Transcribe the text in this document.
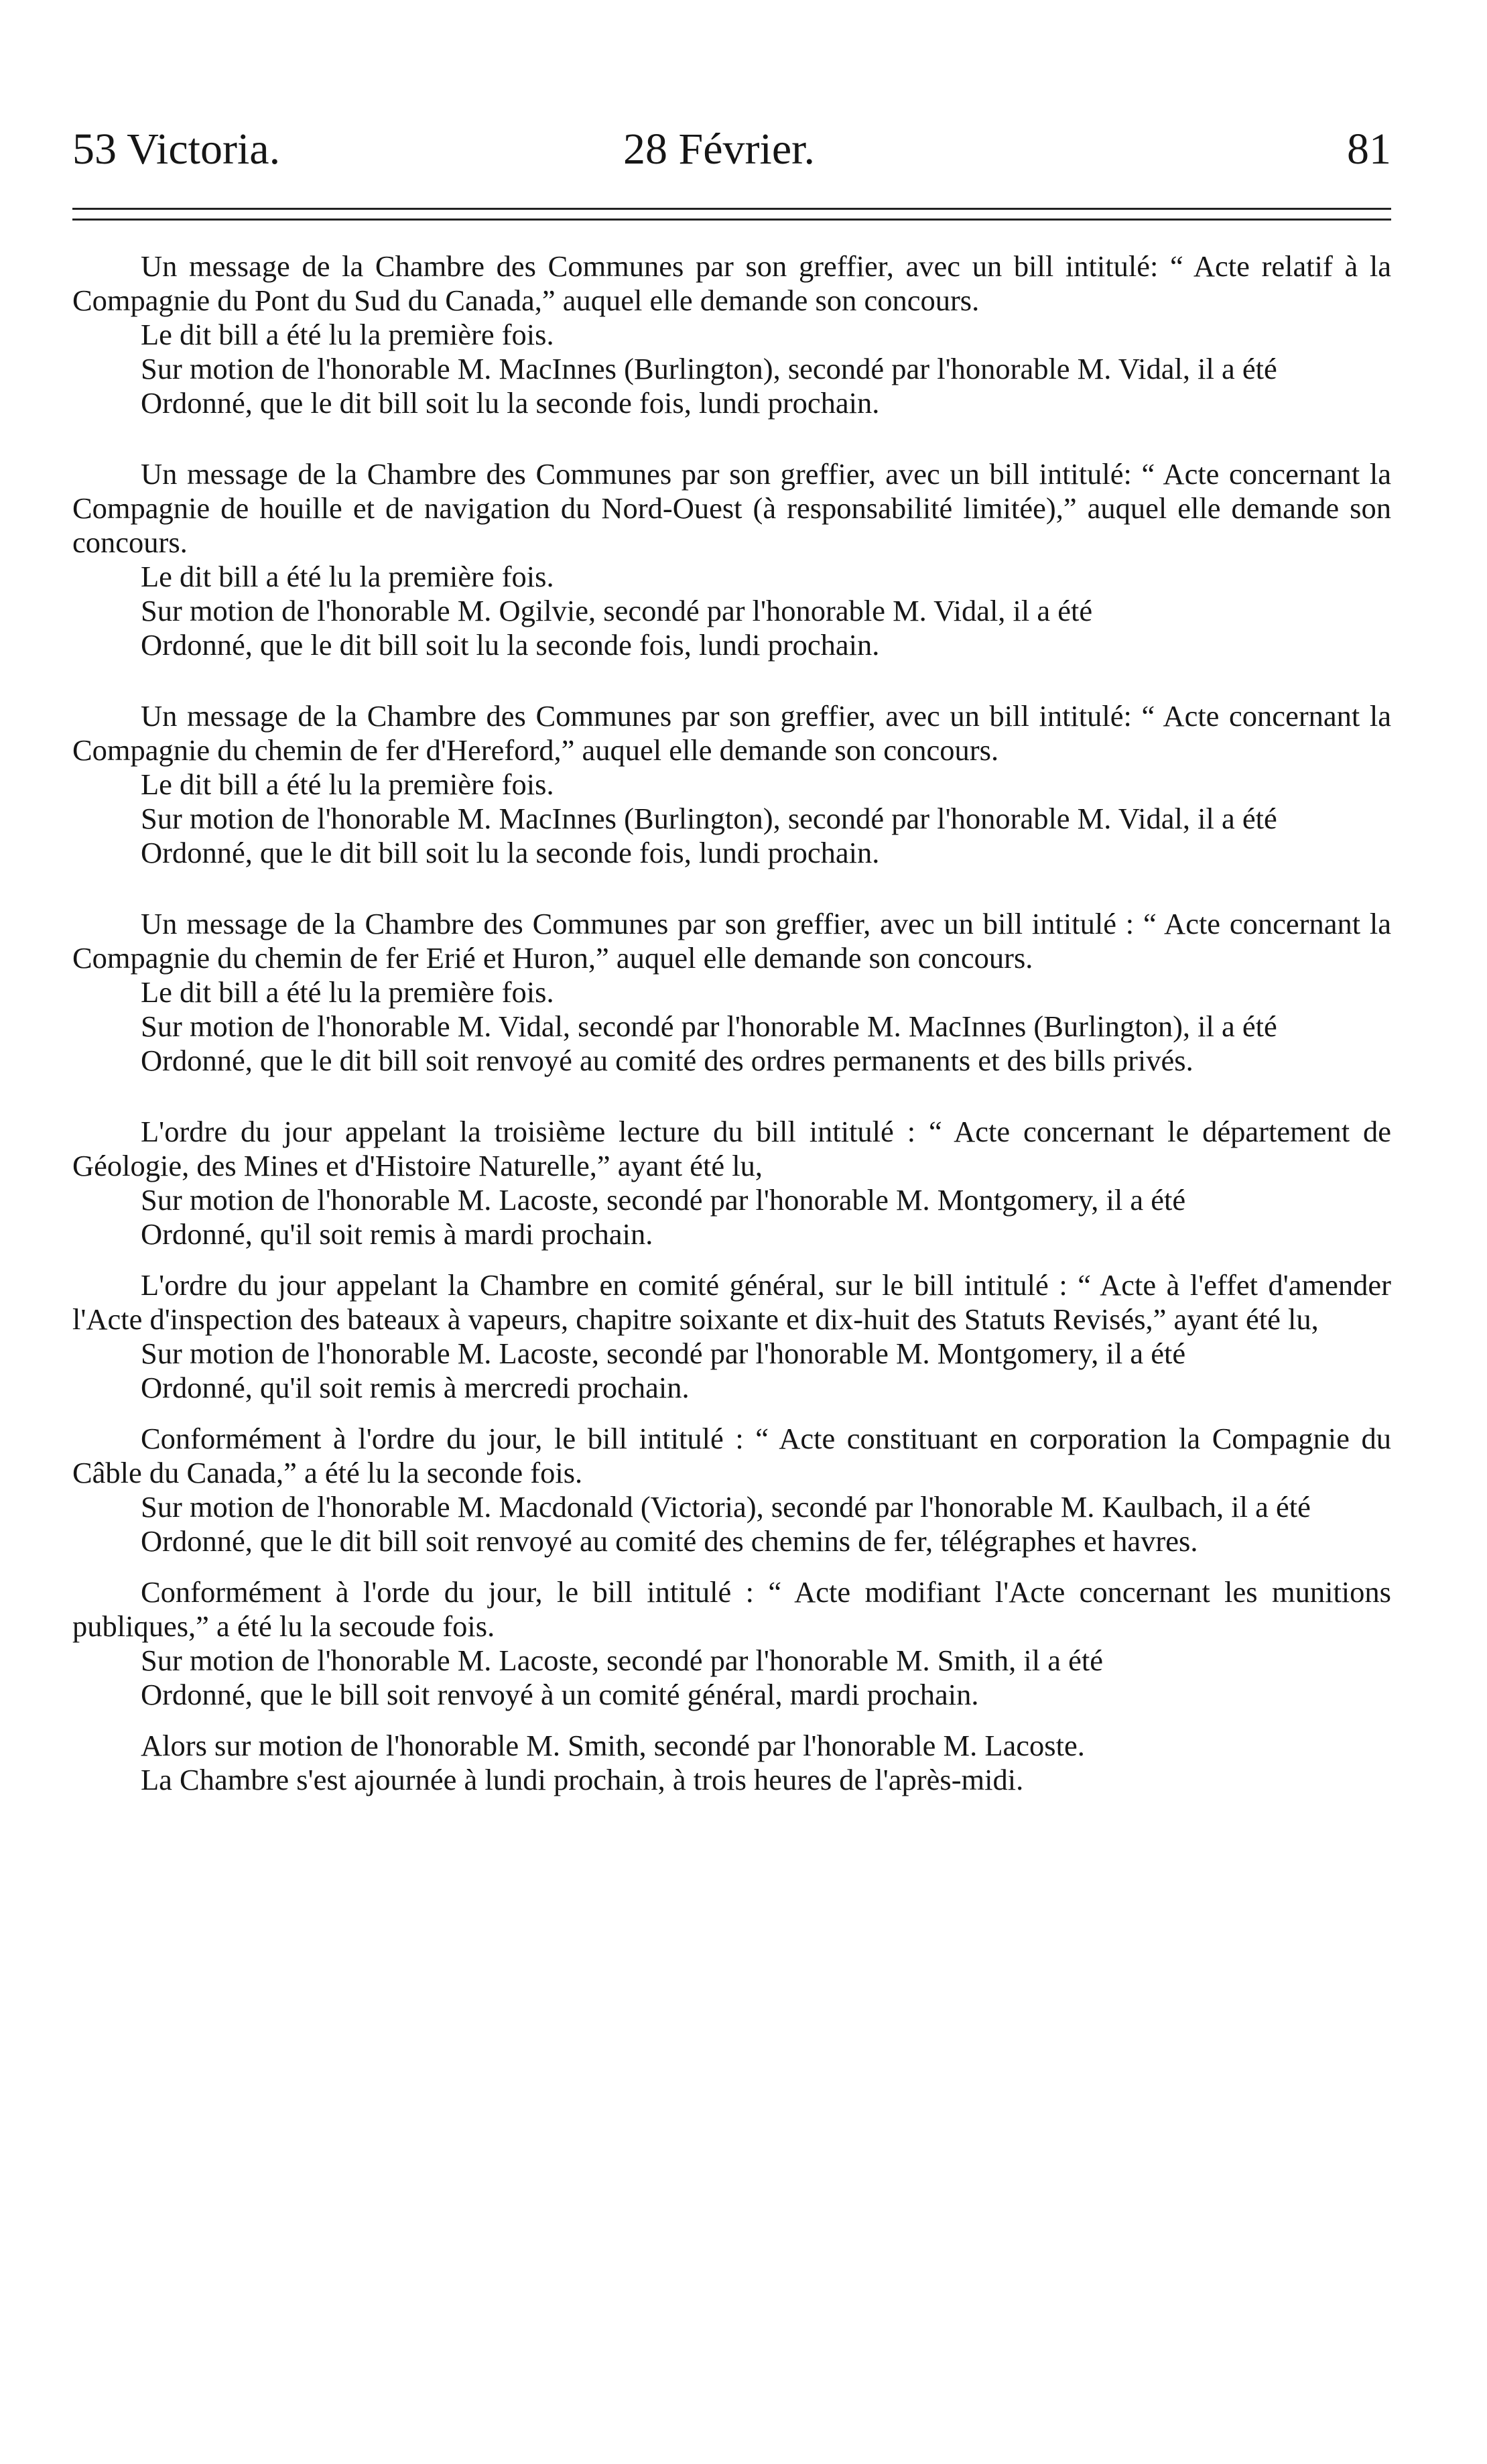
53 Victoria.	28 Février.	81
Un message de la Chambre des Communes par son greffier, avec un bill intitulé: “ Acte relatif à la Compagnie du Pont du Sud du Canada,” auquel elle demande son concours.
Le dit bill a été lu la première fois.
Sur motion de l'honorable M. MacInnes (Burlington), secondé par l'honorable M. Vidal, il a été
Ordonné, que le dit bill soit lu la seconde fois, lundi prochain.
Un message de la Chambre des Communes par son greffier, avec un bill intitulé: “ Acte concernant la Compagnie de houille et de navigation du Nord-Ouest (à responsabilité limitée),” auquel elle demande son concours.
Le dit bill a été lu la première fois.
Sur motion de l'honorable M. Ogilvie, secondé par l'honorable M. Vidal, il a été
Ordonné, que le dit bill soit lu la seconde fois, lundi prochain.
Un message de la Chambre des Communes par son greffier, avec un bill intitulé: “ Acte concernant la Compagnie du chemin de fer d'Hereford,” auquel elle demande son concours.
Le dit bill a été lu la première fois.
Sur motion de l'honorable M. MacInnes (Burlington), secondé par l'honorable M. Vidal, il a été
Ordonné, que le dit bill soit lu la seconde fois, lundi prochain.
Un message de la Chambre des Communes par son greffier, avec un bill intitulé : “ Acte concernant la Compagnie du chemin de fer Erié et Huron,” auquel elle demande son concours.
Le dit bill a été lu la première fois.
Sur motion de l'honorable M. Vidal, secondé par l'honorable M. MacInnes (Burlington), il a été
Ordonné, que le dit bill soit renvoyé au comité des ordres permanents et des bills privés.
L'ordre du jour appelant la troisième lecture du bill intitulé : “ Acte concernant le département de Géologie, des Mines et d'Histoire Naturelle,” ayant été lu,
Sur motion de l'honorable M. Lacoste, secondé par l'honorable M. Montgomery, il a été
Ordonné, qu'il soit remis à mardi prochain.
L'ordre du jour appelant la Chambre en comité général, sur le bill intitulé : “ Acte à l'effet d'amender l'Acte d'inspection des bateaux à vapeurs, chapitre soixante et dix-huit des Statuts Revisés,” ayant été lu,
Sur motion de l'honorable M. Lacoste, secondé par l'honorable M. Montgomery, il a été
Ordonné, qu'il soit remis à mercredi prochain.
Conformément à l'ordre du jour, le bill intitulé : “ Acte constituant en corporation la Compagnie du Câble du Canada,” a été lu la seconde fois.
Sur motion de l'honorable M. Macdonald (Victoria), secondé par l'honorable M. Kaulbach, il a été
Ordonné, que le dit bill soit renvoyé au comité des chemins de fer, télégraphes et havres.
Conformément à l'orde du jour, le bill intitulé : “ Acte modifiant l'Acte concernant les munitions publiques,” a été lu la secoude fois.
Sur motion de l'honorable M. Lacoste, secondé par l'honorable M. Smith, il a été
Ordonné, que le bill soit renvoyé à un comité général, mardi prochain.
Alors sur motion de l'honorable M. Smith, secondé par l'honorable M. Lacoste.
La Chambre s'est ajournée à lundi prochain, à trois heures de l'après-midi.
